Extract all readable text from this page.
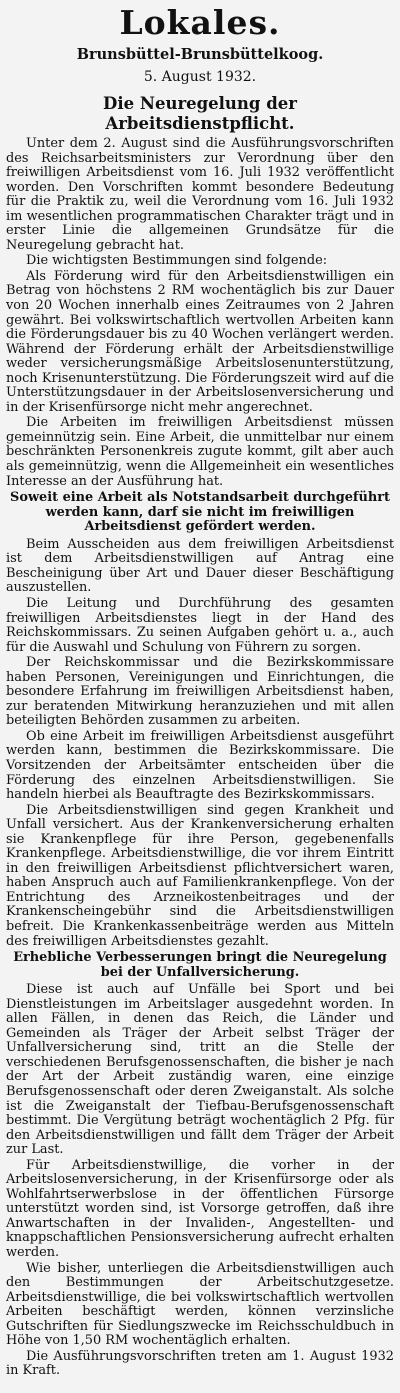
Lokales.
Brunsbüttel-Brunsbüttelkoog.
5. August 1932.
Die Neuregelung der Arbeitsdienstpflicht.

Unter dem 2. August sind die Ausführungsvorschriften des Reichsarbeitsministers zur Verordnung über den freiwilligen Arbeitsdienst vom 16. Juli 1932 veröffentlicht worden. Den Vorschriften kommt besondere Bedeutung für die Praktik zu, weil die Verordnung vom 16. Juli 1932 im wesentlichen programmatischen Charakter trägt und in erster Linie die allgemeinen Grundsätze für die Neuregelung gebracht hat.

Die wichtigsten Bestimmungen sind folgende:

Als Förderung wird für den Arbeitsdienstwilligen ein Betrag von höchstens 2 RM wochentäglich bis zur Dauer von 20 Wochen innerhalb eines Zeitraumes von 2 Jahren gewährt. Bei volkswirtschaftlich wertvollen Arbeiten kann die Förderungsdauer bis zu 40 Wochen verlängert werden. Während der Förderung erhält der Arbeitsdienstwillige weder versicherungsmäßige Arbeitslosenunterstützung, noch Krisenunterstützung. Die Förderungszeit wird auf die Unterstützungsdauer in der Arbeitslosenversicherung und in der Krisenfürsorge nicht mehr angerechnet.

Die Arbeiten im freiwilligen Arbeitsdienst müssen gemeinnützig sein. Eine Arbeit, die unmittelbar nur einem beschränkten Personenkreis zugute kommt, gilt aber auch als gemeinnützig, wenn die Allgemeinheit ein wesentliches Interesse an der Ausführung hat.

Soweit eine Arbeit als Notstandsarbeit durchgeführt werden kann, darf sie nicht im freiwilligen Arbeitsdienst gefördert werden.

Beim Ausscheiden aus dem freiwilligen Arbeitsdienst ist dem Arbeitsdienstwilligen auf Antrag eine Bescheinigung über Art und Dauer dieser Beschäftigung auszustellen.

Die Leitung und Durchführung des gesamten freiwilligen Arbeitsdienstes liegt in der Hand des Reichskommissars. Zu seinen Aufgaben gehört u. a., auch für die Auswahl und Schulung von Führern zu sorgen.

Der Reichskommissar und die Bezirkskommissare haben Personen, Vereinigungen und Einrichtungen, die besondere Erfahrung im freiwilligen Arbeitsdienst haben, zur beratenden Mitwirkung heranzuziehen und mit allen beteiligten Behörden zusammen zu arbeiten.

Ob eine Arbeit im freiwilligen Arbeitsdienst ausgeführt werden kann, bestimmen die Bezirkskommissare. Die Vorsitzenden der Arbeitsämter entscheiden über die Förderung des einzelnen Arbeitsdienstwilligen. Sie handeln hierbei als Beauftragte des Bezirkskommissars.

Die Arbeitsdienstwilligen sind gegen Krankheit und Unfall versichert. Aus der Krankenversicherung erhalten sie Krankenpflege für ihre Person, gegebenenfalls Krankenpflege. Arbeitsdienstwillige, die vor ihrem Eintritt in den freiwilligen Arbeitsdienst pflichtversichert waren, haben Anspruch auch auf Familienkrankenpflege. Von der Entrichtung des Arzneikostenbeitrages und der Krankenscheingebühr sind die Arbeitsdienstwilligen befreit. Die Krankenkassenbeiträge werden aus Mitteln des freiwilligen Arbeitsdienstes gezahlt.

Erhebliche Verbesserungen bringt die Neuregelung bei der Unfallversicherung.

Diese ist auch auf Unfälle bei Sport und bei Dienstleistungen im Arbeitslager ausgedehnt worden. In allen Fällen, in denen das Reich, die Länder und Gemeinden als Träger der Arbeit selbst Träger der Unfallversicherung sind, tritt an die Stelle der verschiedenen Berufsgenossenschaften, die bisher je nach der Art der Arbeit zuständig waren, eine einzige Berufsgenossenschaft oder deren Zweiganstalt. Als solche ist die Zweiganstalt der Tiefbau-Berufsgenossenschaft bestimmt. Die Vergütung beträgt wochentäglich 2 Pfg. für den Arbeitsdienstwilligen und fällt dem Träger der Arbeit zur Last.

Für Arbeitsdienstwillige, die vorher in der Arbeitslosenversicherung, in der Krisenfürsorge oder als Wohlfahrtserwerbslose in der öffentlichen Fürsorge unterstützt worden sind, ist Vorsorge getroffen, daß ihre Anwartschaften in der Invaliden-, Angestellten- und knappschaftlichen Pensionsversicherung aufrecht erhalten werden.

Wie bisher, unterliegen die Arbeitsdienstwilligen auch den Bestimmungen der Arbeitschutzgesetze. Arbeitsdienstwillige, die bei volkswirtschaftlich wertvollen Arbeiten beschäftigt werden, können verzinsliche Gutschriften für Siedlungszwecke im Reichsschuldbuch in Höhe von 1,50 RM wochentäglich erhalten.

Die Ausführungsvorschriften treten am 1. August 1932 in Kraft.
